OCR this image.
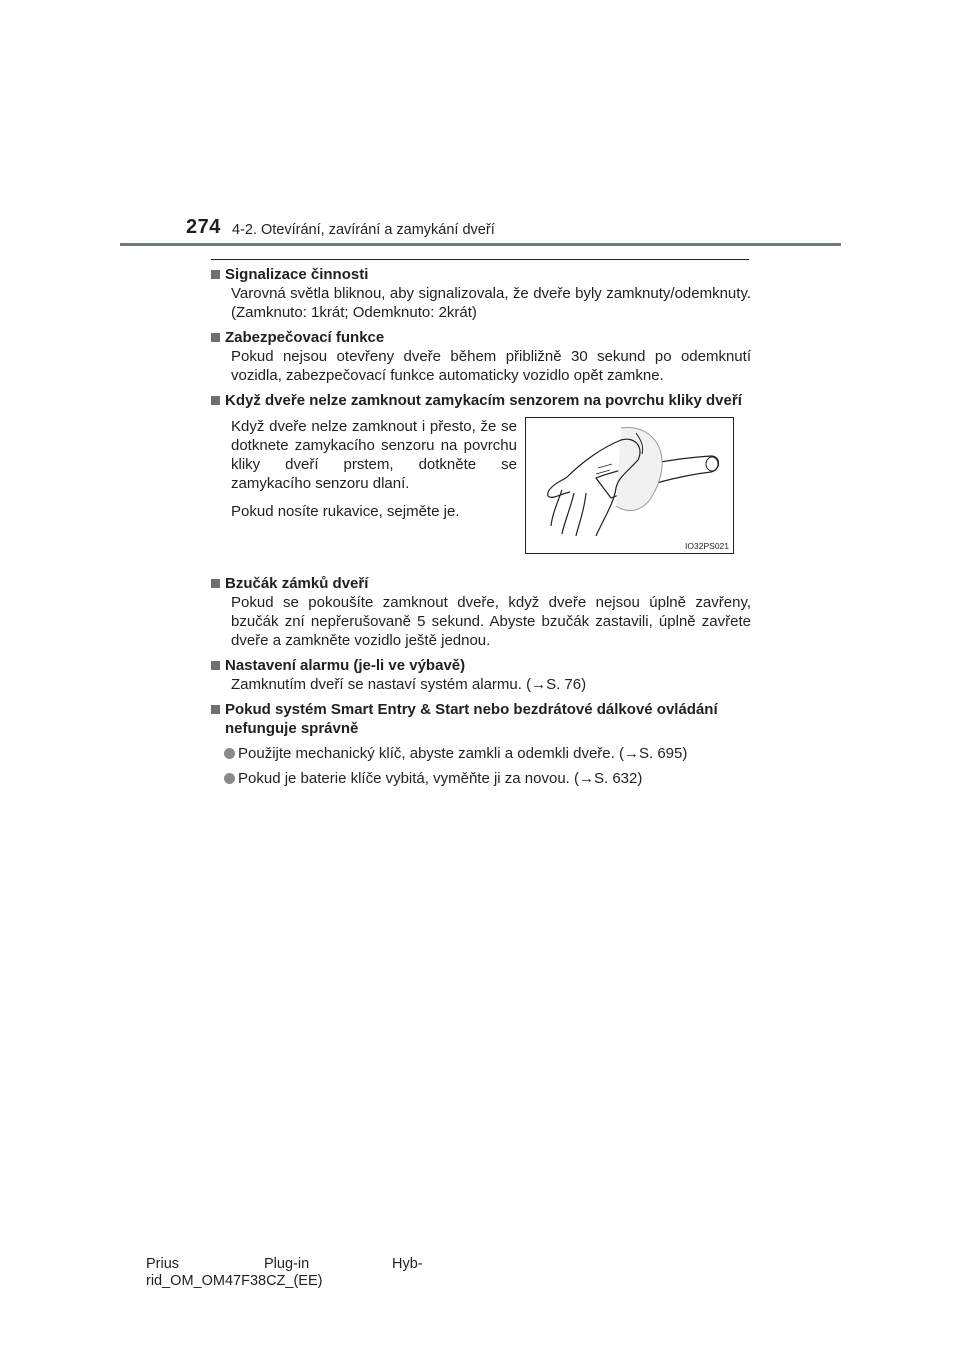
274 4-2. Otevírání, zavírání a zamykání dveří
Signalizace činnosti
Varovná světla bliknou, aby signalizovala, že dveře byly zamknuty/odemknuty. (Zamknuto: 1krát; Odemknuto: 2krát)
Zabezpečovací funkce
Pokud nejsou otevřeny dveře během přibližně 30 sekund po odemknutí vozidla, zabezpečovací funkce automaticky vozidlo opět zamkne.
Když dveře nelze zamknout zamykacím senzorem na povrchu kliky dveří

Když dveře nelze zamknout i přesto, že se dotknete zamykacího senzoru na povrchu kliky dveří prstem, dotkněte se zamykacího senzoru dlaní.

Pokud nosíte rukavice, sejměte je.

Bzučák zámků dveří
Pokud se pokoušíte zamknout dveře, když dveře nejsou úplně zavřeny, bzučák zní nepřerušovaně 5 sekund. Abyste bzučák zastavili, úplně zavřete dveře a zamkněte vozidlo ještě jednou.
Nastavení alarmu (je-li ve výbavě)
Zamknutím dveří se nastaví systém alarmu. (→S. 76)
Pokud systém Smart Entry & Start nebo bezdrátové dálkové ovládání nefunguje správně
Použijte mechanický klíč, abyste zamkli a odemkli dveře. (→S. 695)
Pokud je baterie klíče vybitá, vyměňte ji za novou. (→S. 632)
IO32PS021
Prius	Plug-in	Hyb-
rid_OM_OM47F38CZ_(EE)
